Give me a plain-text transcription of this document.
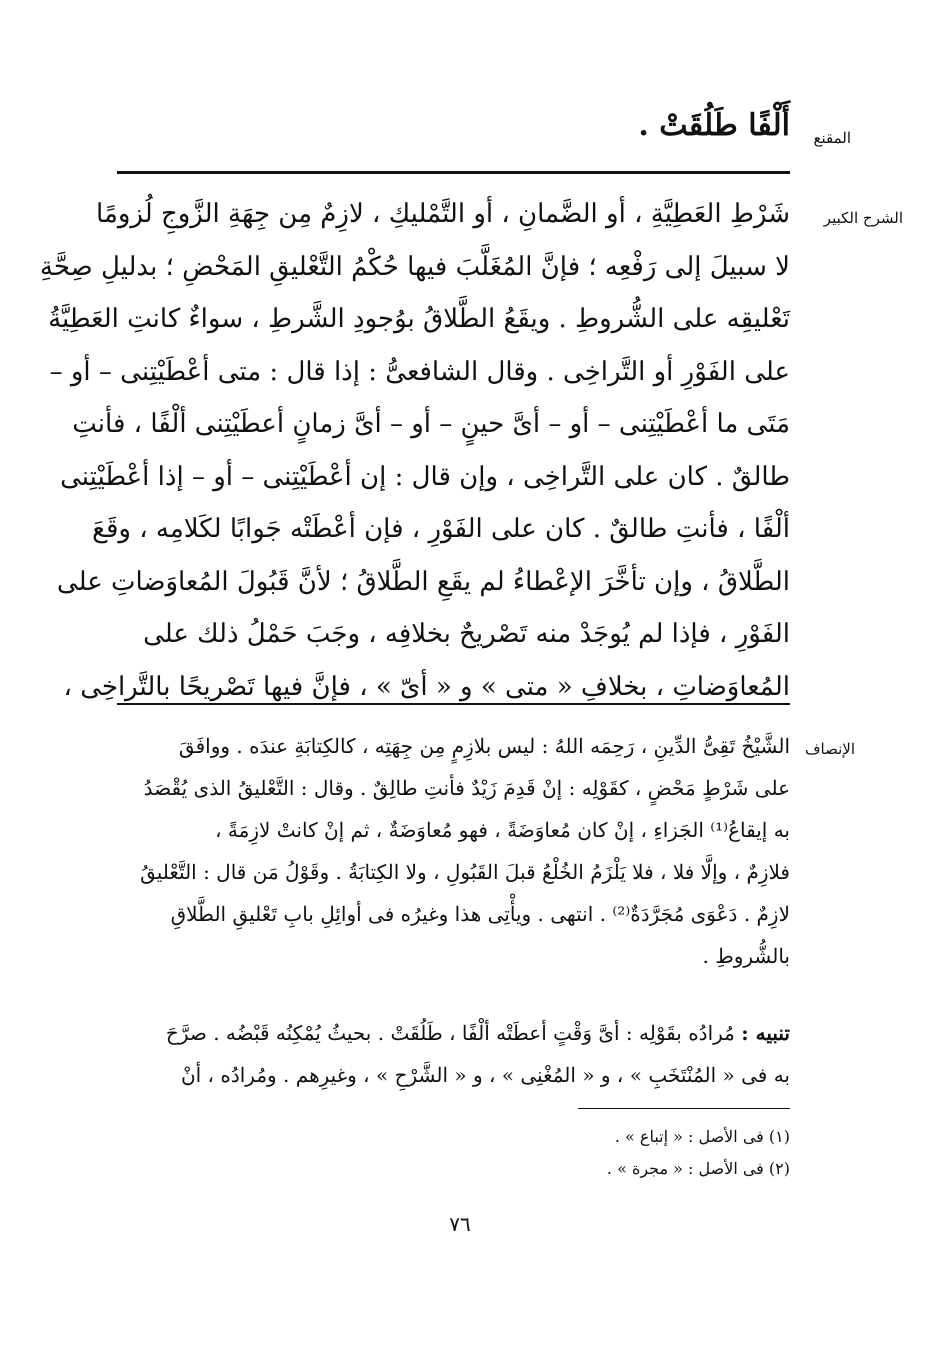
المقنع
أَلْفًا طَلُقَتْ .
الشرح الكبير
شَرْطِ العَطِيَّةِ ، أو الضَّمانِ ، أو التَّمْليكِ ، لازِمٌ مِن جِهَةِ الزَّوجِ لُزومًا
لا سبيلَ إلى رَفْعِه ؛ فإنَّ المُغَلَّبَ فيها حُكْمُ التَّعْليقِ المَحْضِ ؛ بدليلِ صِحَّةِ
تَعْليقِه على الشُّروطِ . ويقَعُ الطَّلاقُ بوُجودِ الشَّرطِ ، سواءٌ كانتِ العَطِيَّةُ
على الفَوْرِ أو التَّراخِى . وقال الشافعىُّ : إذا قال : متى أعْطَيْتِنى – أو –
مَتَى ما أعْطَيْتِنى – أو – أىَّ حينٍ – أو – أىَّ زمانٍ أعطَيْتِنى ألْفًا ، فأنتِ
طالقٌ . كان على التَّراخِى ، وإن قال : إن أعْطَيْتِنى – أو – إذا أعْطَيْتِنى
ألْفًا ، فأنتِ طالقٌ . كان على الفَوْرِ ، فإن أعْطَتْه جَوابًا لكَلامِه ، وقَعَ
الطَّلاقُ ، وإن تأخَّرَ الإعْطاءُ لم يقَعِ الطَّلاقُ ؛ لأنَّ قَبُولَ المُعاوَضاتِ على
الفَوْرِ ، فإذا لم يُوجَدْ منه تَصْريحٌ بخلافِه ، وجَبَ حَمْلُ ذلك على
المُعاوَضاتِ ، بخلافِ « متى » و « أىّ » ، فإنَّ فيها تَصْريحًا بالتَّراخِى ،
الإنصاف
الشَّيْخُ تَقِىُّ الدِّينِ ، رَحِمَه اللهُ : ليس بلازِمٍ مِن جِهَتِه ، كالكِتابَةِ عندَه . ووافَقَ
على شَرْطٍ مَحْضٍ ، كقَوْلِه : إنْ قَدِمَ زَيْدٌ فأنتِ طالِقٌ . وقال : التَّعْليقُ الذى يُقْصَدُ
به إيقاعُ⁽¹⁾ الجَزاءِ ، إنْ كان مُعاوَضَةً ، فهو مُعاوَضَةٌ ، ثم إنْ كانتْ لازِمَةً ،
فلازِمٌ ، وإلَّا فلا ، فلا يَلْزَمُ الخُلْعُ قبلَ القَبُولِ ، ولا الكِتابَةُ . وقَوْلُ مَن قال : التَّعْليقُ
لازِمٌ . دَعْوَى مُجَرَّدَةٌ⁽²⁾ . انتهى . ويأْتِى هذا وغيرُه فى أوائِلِ بابِ تَعْليقِ الطَّلاقِ
بالشُّروطِ .
تنبيه : مُرادُه بقَوْلِه : أىَّ وَقْتٍ أعطَتْه ألْفًا ، طَلُقَتْ . بحيثُ يُمْكِنُه قَبْضُه . صرَّحَ
به فى « المُنْتَخَبِ » ، و « المُغْنِى » ، و « الشَّرْحِ » ، وغيرِهم . ومُرادُه ، أنْ
(١) فى الأصل : « إتباع » .
(٢) فى الأصل : « مجرة » .
٧٦
